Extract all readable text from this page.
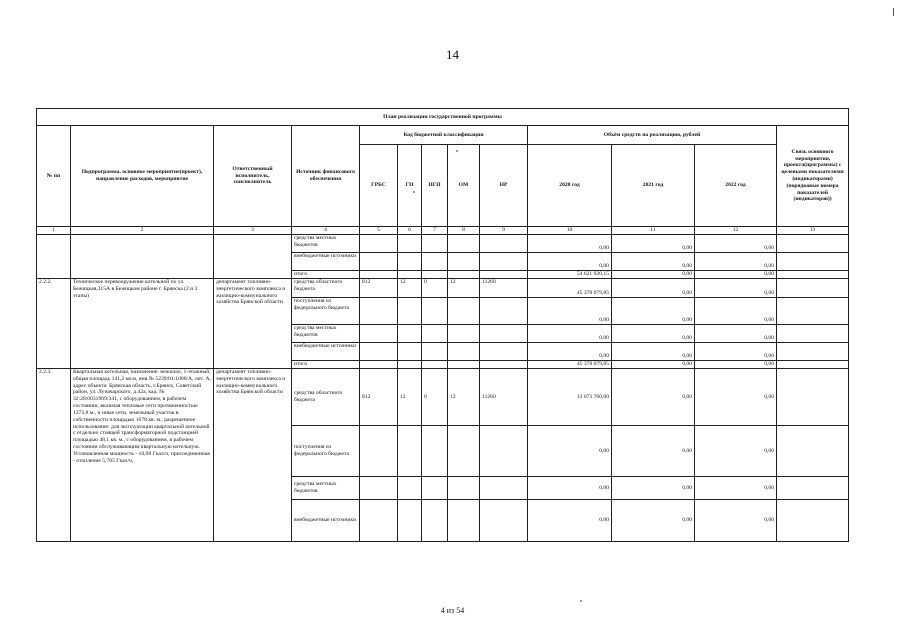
14
План реализации государственной программы												
№ пп	Подпрограмма, основное мероприятие(проект), направление расходов, мероприятие	Ответственный исполнитель, соисполнитель	Источник финансового обеспечения	Код бюджетной классификации					Объём средств на реализацию, рублей			Связь основного мероприятия, проекта(программы) с целевыми показателями (индикаторами) (порядковые номера показателей (индикаторов))
				ГРБС	ГП	ПГП	ОМ	НР	2020 год	2021 год	2022 год	
1	2	3	4	5	6	7	8	9	10	11	12	13
			средства местных бюджетов						0,00	0,00	0,00	
			внебюджетные источники						0,00	0,00	0,00	
			итого						54 621 920,15	0,00	0,00	
2.2.2.	Техническое перевооружение котельной по ул. Бежицкая,315А в Бежицком районе г. Брянска (2 и 3 этапы)	департамент топливно-энергетического комплекса и жилищно-коммунального хозяйства Брянской области	средства областного бюджета	812	12	0	12	11260	45 378 079,85	0,00	0,00	
			поступления из федерального бюджета						0,00	0,00	0,00	
			средства местных бюджетов						0,00	0,00	0,00	
			внебюджетные источники						0,00	0,00	0,00	
			итого						45 378 079,85	0,00	0,00	
2.2.3.	Квартальная котельная, назначение: нежилое, 1-этажный, общая площадь 141,2 кв.м, инв.№ 5239/01:1000/А, лит. А, адрес объекта: Брянская область, г.Брянск, Советский район, ул. Луначарского, д.42а, кад. № 32:28:0031909:341, с оборудованием, в рабочем состоянии, включая тепловые сети протяженностью 1373,8 м., и иные сети, земельный участок в собственности площадью 1678 кв. м., разрешенное использование: для эксплуатации квартальной котельной с отдельно стоящей трансформаторной подстанцией площадью 48,1 кв. м., с оборудованием, в рабочем состоянии обслуживающим квартальную котельную. Установленная мощность - 10,08 Гкал/ч, присоединенная - отопление 5,705 Гкал/ч,	департамент топливно-энергетического комплекса и жилищно-коммунального хозяйства Брянской области	средства областного бюджета	812	12	0	12	11260	13 073 760,00	0,00	0,00	
			поступления из федерального бюджета						0,00	0,00	0,00	
			средства местных бюджетов						0,00	0,00	0,00	
			внебюджетные источники						0,00	0,00	0,00	
4 из 54
